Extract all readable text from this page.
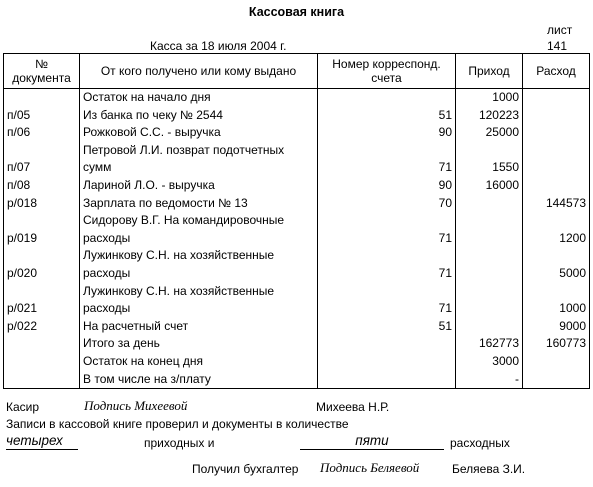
Кассовая книга
лист
Касса за 18 июля 2004 г.	141
№ документа	От кого получено или кому выдано	Номер корреспонд. счета	Приход	Расход
	Остаток на начало дня		1000	
п/05	Из банка по чеку № 2544	51	120223	
п/06	Рожковой С.С. - выручка	90	25000	
	Петровой Л.И. позврат подотчетных			
п/07	сумм	71	1550	
п/08	Лариной Л.О. - выручка	90	16000	
р/018	Зарплата по ведомости № 13	70		144573
	Сидорову В.Г. На командировочные			
р/019	расходы	71		1200
	Лужинкову С.Н. на хозяйственные			
р/020	расходы	71		5000
	Лужинкову С.Н. на хозяйственные			
р/021	расходы	71		1000
р/022	На расчетный счет	51		9000
	Итого за день		162773	160773
	Остаток на конец дня		3000	
	В том числе на з/плату		-	
Касир	Подпись Михеевой	Михеева Н.Р.
Записи в кассовой книге проверил и документы в количестве
четырех	приходных и	пяти	расходных
Получил бухгалтер Подпись Беляевой	Беляева З.И.
